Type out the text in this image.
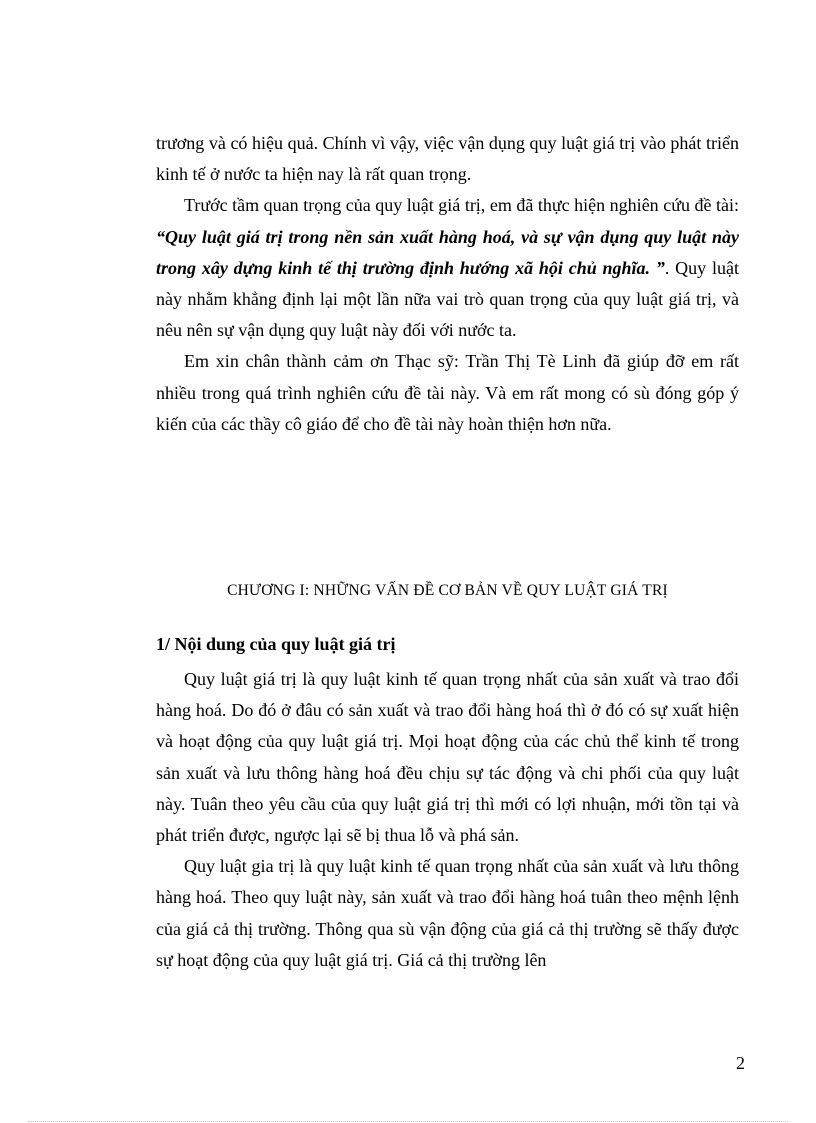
trương và có hiệu quả. Chính vì vậy, việc vận dụng quy luật giá trị vào phát triển kinh tế ở nước ta hiện nay là rất quan trọng.

Trước tầm quan trọng của quy luật giá trị, em đã thực hiện nghiên cứu đề tài: “Quy luật giá trị trong nền sản xuất hàng hoá, và sự vận dụng quy luật này trong xây dựng kinh tế thị trường định hướng xã hội chủ nghĩa. ”. Quy luật này nhằm khẳng định lại một lần nữa vai trò quan trọng của quy luật giá trị, và nêu nên sự vận dụng quy luật này đối với nước ta.

Em xin chân thành cảm ơn Thạc sỹ: Trần Thị Tè Linh đã giúp đỡ em rất nhiều trong quá trình nghiên cứu đề tài này. Và em rất mong có sù đóng góp ý kiến của các thầy cô giáo để cho đề tài này hoàn thiện hơn nữa.

CHƯƠNG I: NHỮNG VẤN ĐỀ CƠ BẢN VỀ QUY LUẬT GIÁ TRỊ

1/ Nội dung của quy luật giá trị

Quy luật giá trị là quy luật kinh tế quan trọng nhất của sản xuất và trao đổi hàng hoá. Do đó ở đâu có sản xuất và trao đổi hàng hoá thì ở đó có sự xuất hiện và hoạt động của quy luật giá trị. Mọi hoạt động của các chủ thể kinh tế trong sản xuất và lưu thông hàng hoá đều chịu sự tác động và chi phối của quy luật này. Tuân theo yêu cầu của quy luật giá trị thì mới có lợi nhuận, mới tồn tại và phát triển được, ngược lại sẽ bị thua lỗ và phá sản.

Quy luật gia trị là quy luật kinh tế quan trọng nhất của sản xuất và lưu thông hàng hoá. Theo quy luật này, sản xuất và trao đổi hàng hoá tuân theo mệnh lệnh của giá cả thị trường. Thông qua sù vận động của giá cả thị trường sẽ thấy được sự hoạt động của quy luật giá trị. Giá cả thị trường lên

2
